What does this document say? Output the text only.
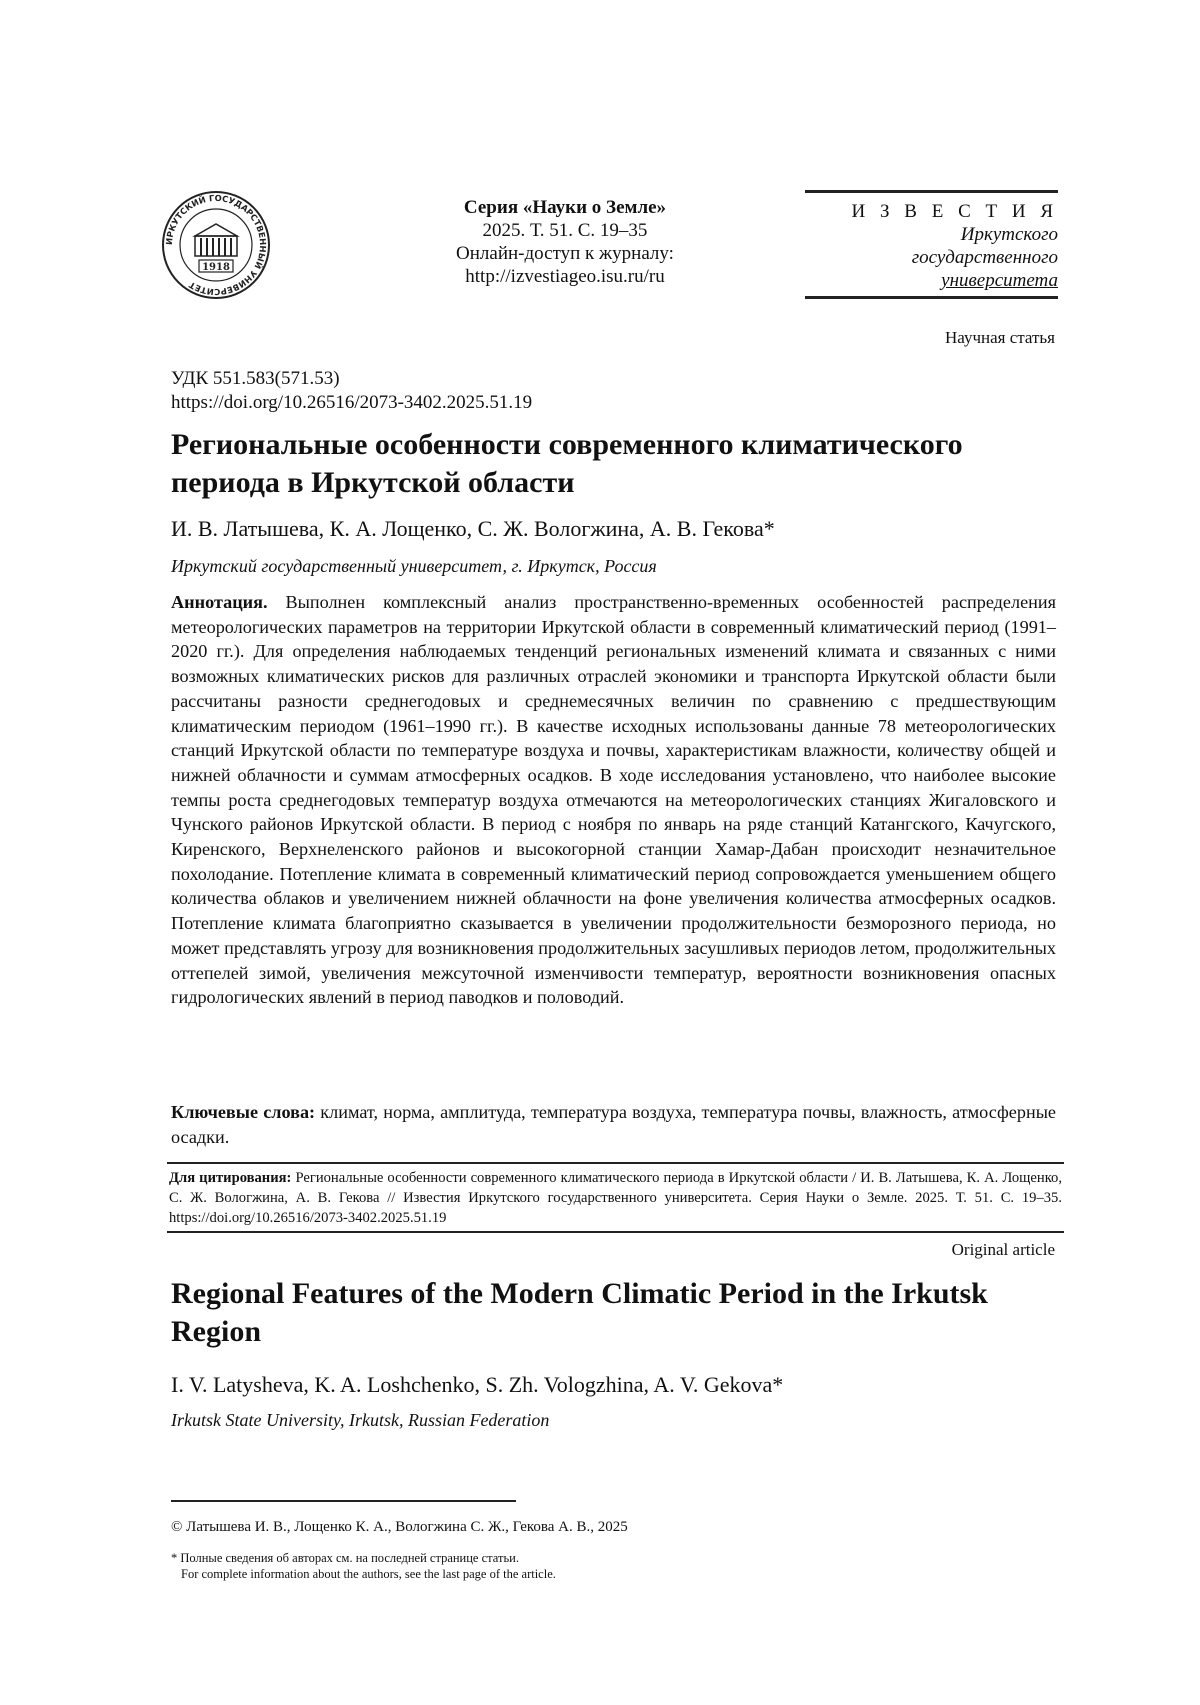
ИРКУТСКИЙ ГОСУДАРСТВЕННЫЙ УНИВЕРСИТЕТ
1918
Серия «Науки о Земле»
2025. Т. 51. С. 19–35
Онлайн-доступ к журналу:
http://izvestiageo.isu.ru/ru
И З В Е С Т И Я
Иркутского
государственного
университета
Научная статья
УДК 551.583(571.53)
https://doi.org/10.26516/2073-3402.2025.51.19
Региональные особенности современного климатического периода в Иркутской области
И. В. Латышева, К. А. Лощенко, С. Ж. Вологжина, А. В. Гекова*
Иркутский государственный университет, г. Иркутск, Россия
Аннотация. Выполнен комплексный анализ пространственно-временных особенностей распределения метеорологических параметров на территории Иркутской области в современный климатический период (1991–2020 гг.). Для определения наблюдаемых тенденций региональных изменений климата и связанных с ними возможных климатических рисков для различных отраслей экономики и транспорта Иркутской области были рассчитаны разности среднегодовых и среднемесячных величин по сравнению с предшествующим климатическим периодом (1961–1990 гг.). В качестве исходных использованы данные 78 метеорологических станций Иркутской области по температуре воздуха и почвы, характеристикам влажности, количеству общей и нижней облачности и суммам атмосферных осадков. В ходе исследования установлено, что наиболее высокие темпы роста среднегодовых температур воздуха отмечаются на метеорологических станциях Жигаловского и Чунского районов Иркутской области. В период с ноября по январь на ряде станций Катангского, Качугского, Киренского, Верхнеленского районов и высокогорной станции Хамар-Дабан происходит незначительное похолодание. Потепление климата в современный климатический период сопровождается уменьшением общего количества облаков и увеличением нижней облачности на фоне увеличения количества атмосферных осадков. Потепление климата благоприятно сказывается в увеличении продолжительности безморозного периода, но может представлять угрозу для возникновения продолжительных засушливых периодов летом, продолжительных оттепелей зимой, увеличения межсуточной изменчивости температур, вероятности возникновения опасных гидрологических явлений в период паводков и половодий.
Ключевые слова: климат, норма, амплитуда, температура воздуха, температура почвы, влажность, атмосферные осадки.
Для цитирования: Региональные особенности современного климатического периода в Иркутской области / И. В. Латышева, К. А. Лощенко, С. Ж. Вологжина, А. В. Гекова // Известия Иркутского государственного университета. Серия Науки о Земле. 2025. Т. 51. С. 19–35. https://doi.org/10.26516/2073-3402.2025.51.19
Original article
Regional Features of the Modern Climatic Period in the Irkutsk Region
I. V. Latysheva, K. A. Loshchenko, S. Zh. Vologzhina, A. V. Gekova*
Irkutsk State University, Irkutsk, Russian Federation
© Латышева И. В., Лощенко К. А., Вологжина С. Ж., Гекова А. В., 2025
* Полные сведения об авторах см. на последней странице статьи.
For complete information about the authors, see the last page of the article.
